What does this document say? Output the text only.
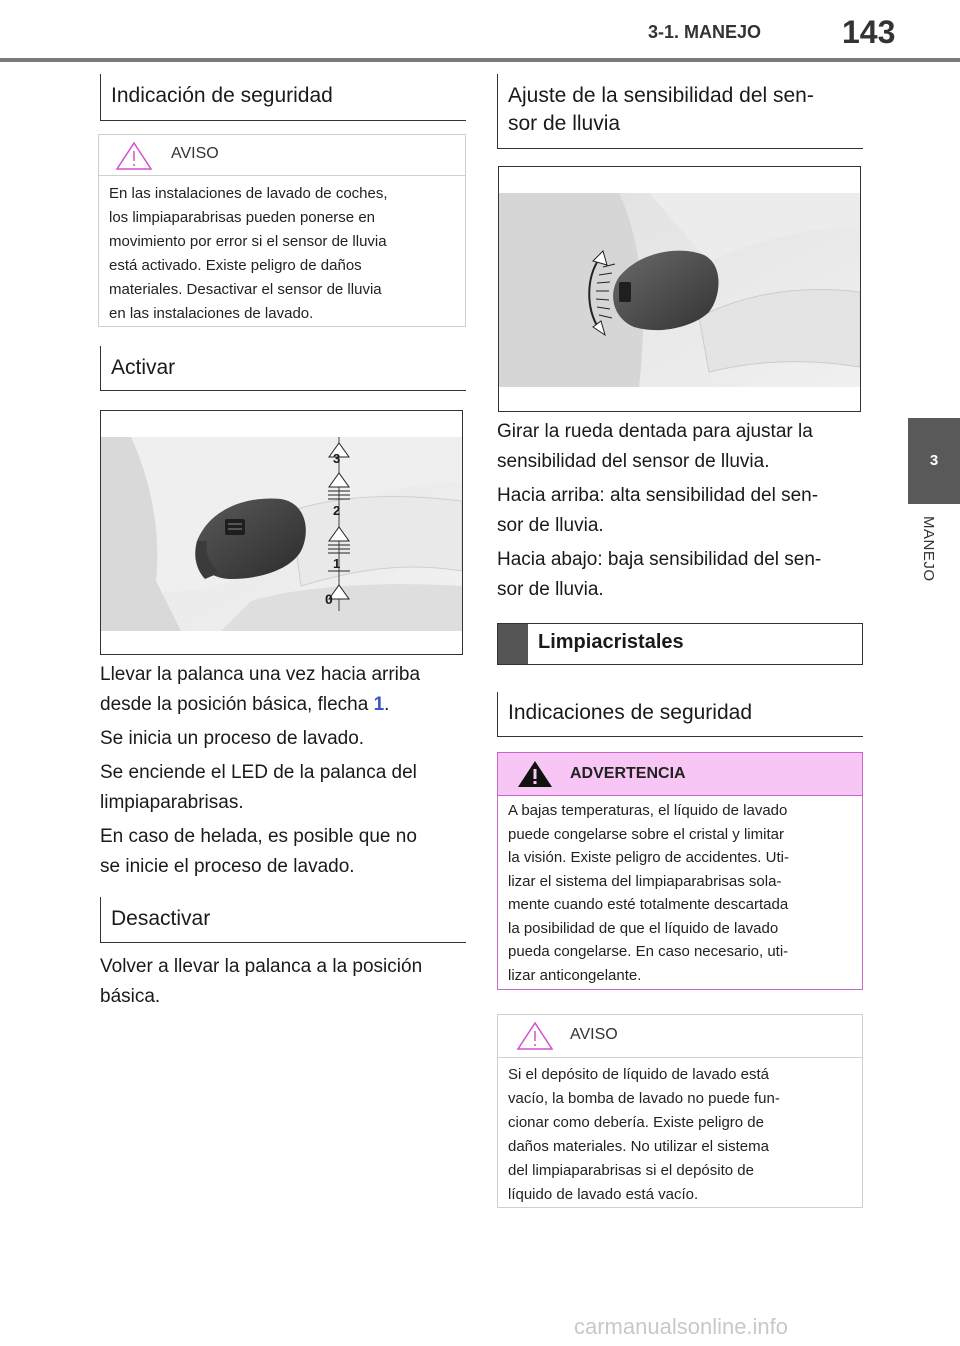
3-1. MANEJO	143
3
MANEJO
Indicación de seguridad
AVISO
En las instalaciones de lavado de coches,
los limpiaparabrisas pueden ponerse en
movimiento por error si el sensor de lluvia
está activado. Existe peligro de daños
materiales. Desactivar el sensor de lluvia
en las instalaciones de lavado.
Activar
3
2
1
0
Llevar la palanca una vez hacia arriba
desde la posición básica, flecha 1.
Se inicia un proceso de lavado.
Se enciende el LED de la palanca del
limpiaparabrisas.
En caso de helada, es posible que no
se inicie el proceso de lavado.
Desactivar
Volver a llevar la palanca a la posición
básica.
Ajuste de la sensibilidad del sen-
sor de lluvia
Girar la rueda dentada para ajustar la
sensibilidad del sensor de lluvia.
Hacia arriba: alta sensibilidad del sen-
sor de lluvia.
Hacia abajo: baja sensibilidad del sen-
sor de lluvia.
Limpiacristales
Indicaciones de seguridad
ADVERTENCIA
A bajas temperaturas, el líquido de lavado
puede congelarse sobre el cristal y limitar
la visión. Existe peligro de accidentes. Uti-
lizar el sistema del limpiaparabrisas sola-
mente cuando esté totalmente descartada
la posibilidad de que el líquido de lavado
pueda congelarse. En caso necesario, uti-
lizar anticongelante.
AVISO
Si el depósito de líquido de lavado está
vacío, la bomba de lavado no puede fun-
cionar como debería. Existe peligro de
daños materiales. No utilizar el sistema
del limpiaparabrisas si el depósito de
líquido de lavado está vacío.
carmanualsonline.info
